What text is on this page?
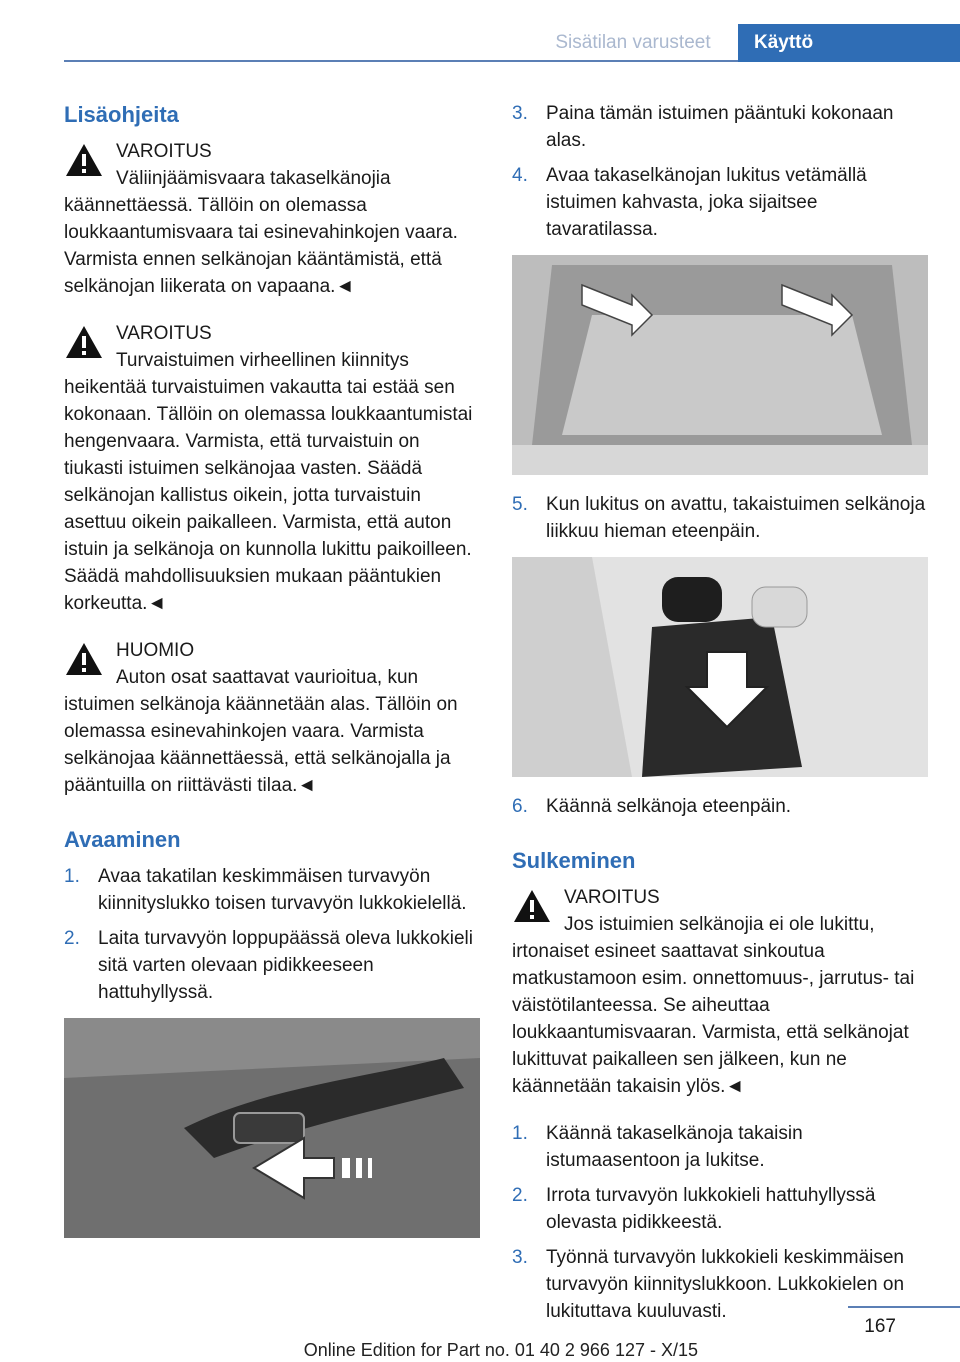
Sisätilan varusteet	Käyttö
Lisäohjeita
VAROITUS
Väliinjäämisvaara takaselkänojia käännettäessä. Tällöin on olemassa loukkaantumisvaara tai esinevahinkojen vaara. Varmista ennen selkänojan kääntämistä, että selkänojan liikerata on vapaana.◄
VAROITUS
Turvaistuimen virheellinen kiinnitys heikentää turvaistuimen vakautta tai estää sen kokonaan. Tällöin on olemassa loukkaantumistai hengenvaara. Varmista, että turvaistuin on tiukasti istuimen selkänojaa vasten. Säädä selkänojan kallistus oikein, jotta turvaistuin asettuu oikein paikalleen. Varmista, että auton istuin ja selkänoja on kunnolla lukittu paikoilleen. Säädä mahdollisuuksien mukaan pääntukien korkeutta.◄
HUOMIO
Auton osat saattavat vaurioitua, kun istuimen selkänoja käännetään alas. Tällöin on olemassa esinevahinkojen vaara. Varmista selkänojaa käännettäessä, että selkänojalla ja pääntuilla on riittävästi tilaa.◄
Avaaminen
1. Avaa takatilan keskimmäisen turvavyön kiinnityslukko toisen turvavyön lukkokielellä.
2. Laita turvavyön loppupäässä oleva lukkokieli sitä varten olevaan pidikkeeseen hattuhyllyssä.
3. Paina tämän istuimen pääntuki kokonaan alas.
4. Avaa takaselkänojan lukitus vetämällä istuimen kahvasta, joka sijaitsee tavaratilassa.
5. Kun lukitus on avattu, takaistuimen selkänoja liikkuu hieman eteenpäin.
6. Käännä selkänoja eteenpäin.
Sulkeminen
VAROITUS
Jos istuimien selkänojia ei ole lukittu, irtonaiset esineet saattavat sinkoutua matkustamoon esim. onnettomuus-, jarrutus- tai väistötilanteessa. Se aiheuttaa loukkaantumisvaaran. Varmista, että selkänojat lukittuvat paikalleen sen jälkeen, kun ne käännetään takaisin ylös.◄
1. Käännä takaselkänoja takaisin istumaasentoon ja lukitse.
2. Irrota turvavyön lukkokieli hattuhyllyssä olevasta pidikkeestä.
3. Työnnä turvavyön lukkokieli keskimmäisen turvavyön kiinnityslukkoon. Lukkokielen on lukituttava kuuluvasti.
167
Online Edition for Part no. 01 40 2 966 127 - X/15
